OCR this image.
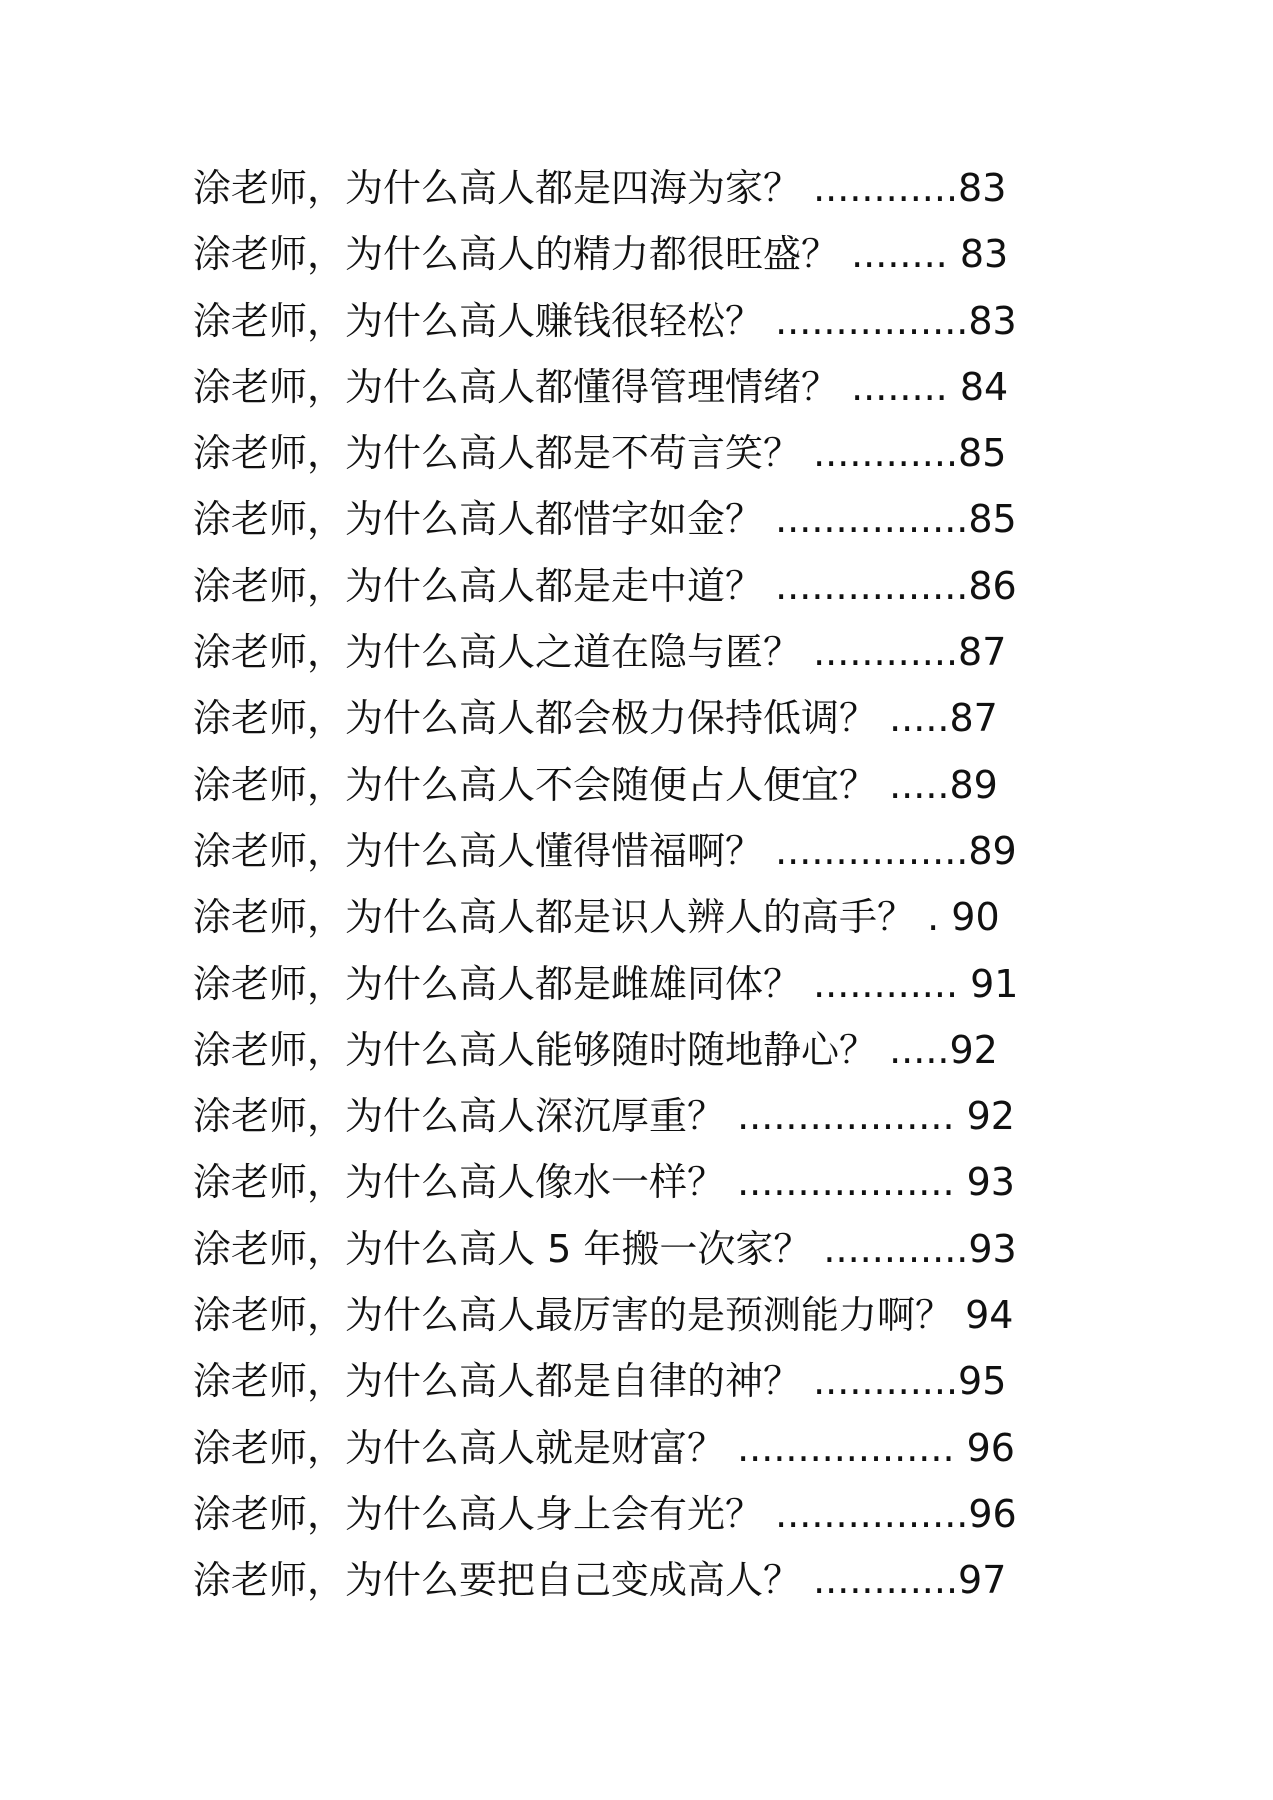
涂老师，为什么高人都是四海为家？ ............83
涂老师，为什么高人的精力都很旺盛？ ........ 83
涂老师，为什么高人赚钱很轻松？ ................83
涂老师，为什么高人都懂得管理情绪？ ........ 84
涂老师，为什么高人都是不苟言笑？ ............85
涂老师，为什么高人都惜字如金？ ................85
涂老师，为什么高人都是走中道？ ................86
涂老师，为什么高人之道在隐与匿？ ............87
涂老师，为什么高人都会极力保持低调？ .....87
涂老师，为什么高人不会随便占人便宜？ .....89
涂老师，为什么高人懂得惜福啊？ ................89
涂老师，为什么高人都是识人辨人的高手？ . 90
涂老师，为什么高人都是雌雄同体？ ............ 91
涂老师，为什么高人能够随时随地静心？ .....92
涂老师，为什么高人深沉厚重？ .................. 92
涂老师，为什么高人像水一样？ .................. 93
涂老师，为什么高人 5 年搬一次家？ ............93
涂老师，为什么高人最厉害的是预测能力啊？ 94
涂老师，为什么高人都是自律的神？ ............95
涂老师，为什么高人就是财富？ .................. 96
涂老师，为什么高人身上会有光？ ................96
涂老师，为什么要把自己变成高人？ ............97
